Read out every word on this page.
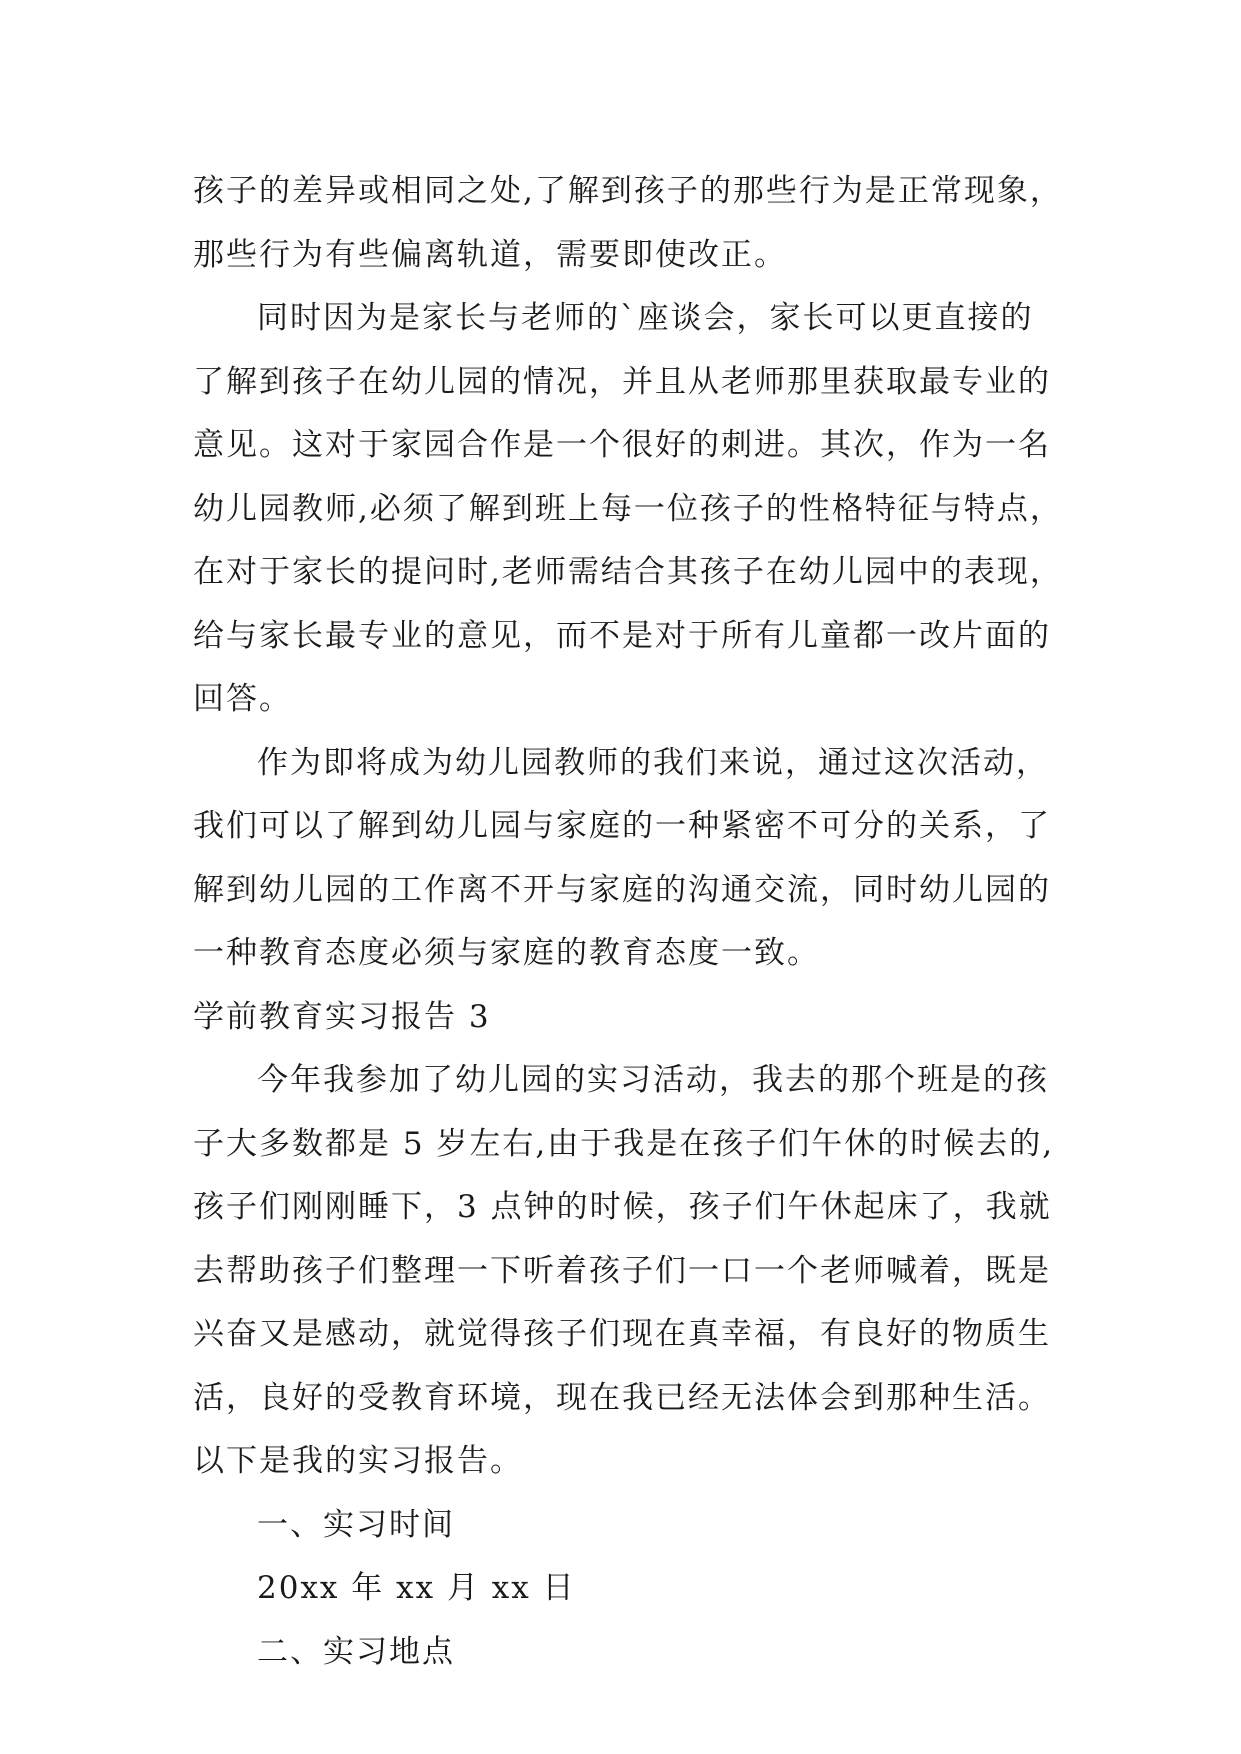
孩子的差异或相同之处,了解到孩子的那些行为是正常现象，
那些行为有些偏离轨道，需要即使改正。

同时因为是家长与老师的`座谈会，家长可以更直接的
了解到孩子在幼儿园的情况，并且从老师那里获取最专业的
意见。这对于家园合作是一个很好的刺进。其次，作为一名
幼儿园教师,必须了解到班上每一位孩子的性格特征与特点，
在对于家长的提问时,老师需结合其孩子在幼儿园中的表现，
给与家长最专业的意见，而不是对于所有儿童都一改片面的
回答。

作为即将成为幼儿园教师的我们来说，通过这次活动，
我们可以了解到幼儿园与家庭的一种紧密不可分的关系，了
解到幼儿园的工作离不开与家庭的沟通交流，同时幼儿园的
一种教育态度必须与家庭的教育态度一致。

学前教育实习报告 3

今年我参加了幼儿园的实习活动，我去的那个班是的孩
子大多数都是 5 岁左右,由于我是在孩子们午休的时候去的,
孩子们刚刚睡下，3 点钟的时候，孩子们午休起床了，我就
去帮助孩子们整理一下听着孩子们一口一个老师喊着，既是
兴奋又是感动，就觉得孩子们现在真幸福，有良好的物质生
活，良好的受教育环境，现在我已经无法体会到那种生活。
以下是我的实习报告。

一、实习时间

20xx 年 xx 月 xx 日

二、实习地点
